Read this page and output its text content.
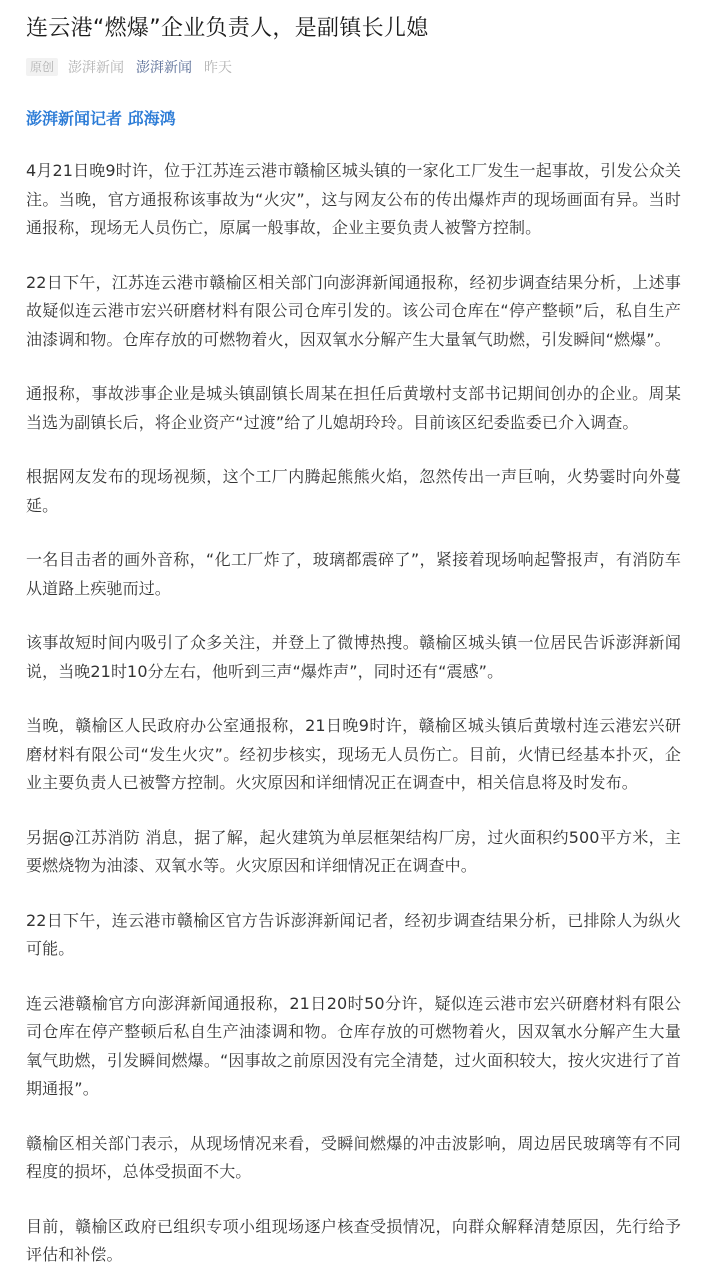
连云港“燃爆”企业负责人，是副镇长儿媳
原创 澎湃新闻 澎湃新闻 昨天

澎湃新闻记者 邱海鸿

4月21日晚9时许，位于江苏连云港市赣榆区城头镇的一家化工厂发生一起事故，引发公众关注。当晚，官方通报称该事故为“火灾”，这与网友公布的传出爆炸声的现场画面有异。当时通报称，现场无人员伤亡，原属一般事故，企业主要负责人被警方控制。

22日下午，江苏连云港市赣榆区相关部门向澎湃新闻通报称，经初步调查结果分析，上述事故疑似连云港市宏兴研磨材料有限公司仓库引发的。该公司仓库在“停产整顿”后，私自生产油漆调和物。仓库存放的可燃物着火，因双氧水分解产生大量氧气助燃，引发瞬间“燃爆”。

通报称，事故涉事企业是城头镇副镇长周某在担任后黄墩村支部书记期间创办的企业。周某当选为副镇长后，将企业资产“过渡”给了儿媳胡玲玲。目前该区纪委监委已介入调查。

根据网友发布的现场视频，这个工厂内腾起熊熊火焰，忽然传出一声巨响，火势霎时向外蔓延。

一名目击者的画外音称，“化工厂炸了，玻璃都震碎了”，紧接着现场响起警报声，有消防车从道路上疾驰而过。

该事故短时间内吸引了众多关注，并登上了微博热搜。赣榆区城头镇一位居民告诉澎湃新闻说，当晚21时10分左右，他听到三声“爆炸声”，同时还有“震感”。

当晚，赣榆区人民政府办公室通报称，21日晚9时许，赣榆区城头镇后黄墩村连云港宏兴研磨材料有限公司“发生火灾”。经初步核实，现场无人员伤亡。目前，火情已经基本扑灭，企业主要负责人已被警方控制。火灾原因和详细情况正在调查中，相关信息将及时发布。

另据@江苏消防 消息，据了解，起火建筑为单层框架结构厂房，过火面积约500平方米，主要燃烧物为油漆、双氧水等。火灾原因和详细情况正在调查中。

22日下午，连云港市赣榆区官方告诉澎湃新闻记者，经初步调查结果分析，已排除人为纵火可能。

连云港赣榆官方向澎湃新闻通报称，21日20时50分许，疑似连云港市宏兴研磨材料有限公司仓库在停产整顿后私自生产油漆调和物。仓库存放的可燃物着火，因双氧水分解产生大量氧气助燃，引发瞬间燃爆。“因事故之前原因没有完全清楚，过火面积较大，按火灾进行了首期通报”。

赣榆区相关部门表示，从现场情况来看，受瞬间燃爆的冲击波影响，周边居民玻璃等有不同程度的损坏，总体受损面不大。

目前，赣榆区政府已组织专项小组现场逐户核查受损情况，向群众解释清楚原因，先行给予评估和补偿。
